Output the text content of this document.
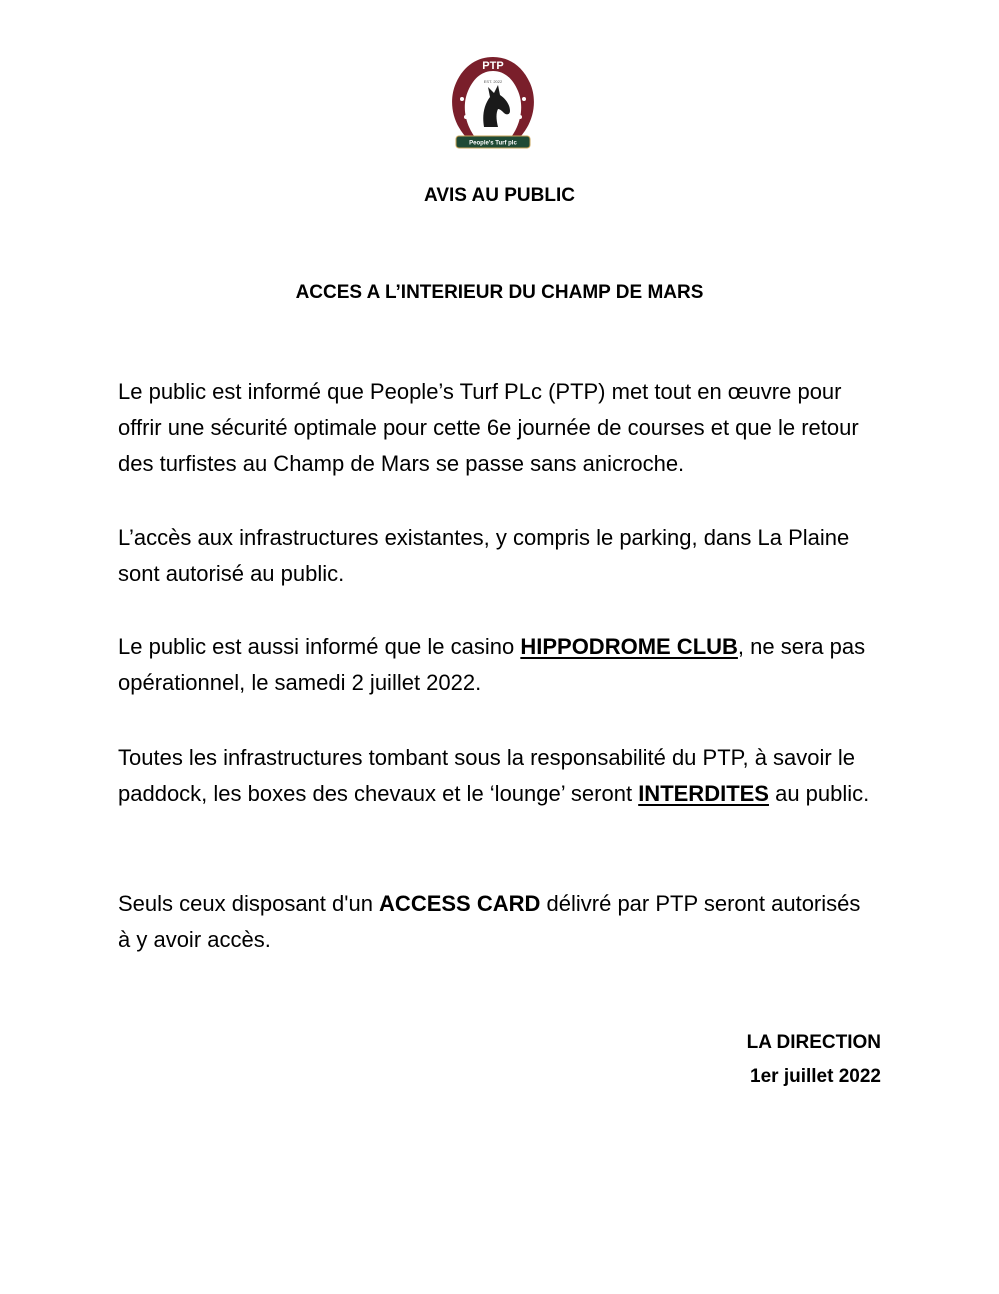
PTP
EST. 2022
People's Turf plc
AVIS AU PUBLIC
ACCES A L’INTERIEUR DU CHAMP DE MARS
Le public est informé que People’s Turf PLc (PTP) met tout en œuvre pour offrir une sécurité optimale pour cette 6e journée de courses et que le retour des turfistes au Champ de Mars se passe sans anicroche.
L’accès aux infrastructures existantes, y compris le parking, dans La Plaine sont autorisé au public.
Le public est aussi informé que le casino HIPPODROME CLUB, ne sera pas opérationnel, le samedi 2 juillet 2022.
Toutes les infrastructures tombant sous la responsabilité du PTP, à savoir le paddock, les boxes des chevaux et le ‘lounge’ seront INTERDITES au public.
Seuls ceux disposant d'un ACCESS CARD délivré par PTP seront autorisés à y avoir accès.
LA DIRECTION
1er juillet 2022
